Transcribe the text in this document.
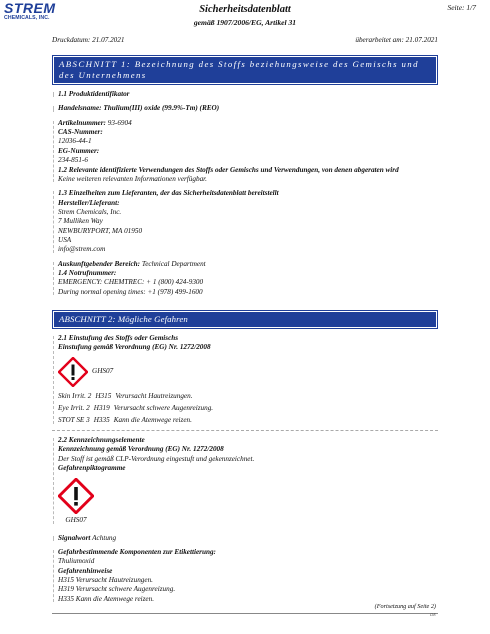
STREM
CHEMICALS, INC.
Sicherheitsdatenblatt
gemäß 1907/2006/EG, Artikel 31
Seite: 1/7
Druckdatum: 21.07.2021	überarbeitet am: 21.07.2021
ABSCHNITT 1: Bezeichnung des Stoffs beziehungsweise des Gemischs und des Unternehmens
1.1 Produktidentifikator
Handelsname: Thulium(III) oxide (99.9%-Tm) (REO)
Artikelnummer: 93-6904
CAS-Nummer:
12036-44-1
EG-Nummer:
234-851-6
1.2 Relevante identifizierte Verwendungen des Stoffs oder Gemischs und Verwendungen, von denen abgeraten wird
Keine weiteren relevanten Informationen verfügbar.
1.3 Einzelheiten zum Lieferanten, der das Sicherheitsdatenblatt bereitstellt
Hersteller/Lieferant:
Strem Chemicals, Inc.
7 Mulliken Way
NEWBURYPORT, MA 01950
USA
info@strem.com
Auskunftgebender Bereich: Technical Department
1.4 Notrufnummer:
EMERGENCY: CHEMTREC: + 1 (800) 424-9300
During normal opening times: +1 (978) 499-1600
ABSCHNITT 2: Mögliche Gefahren
2.1 Einstufung des Stoffs oder Gemischs
Einstufung gemäß Verordnung (EG) Nr. 1272/2008
GHS07
Skin Irrit. 2 H315 Verursacht Hautreizungen.
Eye Irrit. 2 H319 Verursacht schwere Augenreizung.
STOT SE 3 H335 Kann die Atemwege reizen.
2.2 Kennzeichnungselemente
Kennzeichnung gemäß Verordnung (EG) Nr. 1272/2008
Der Stoff ist gemäß CLP-Verordnung eingestuft und gekennzeichnet.
Gefahrenpiktogramme
GHS07
Signalwort Achtung
Gefahrbestimmende Komponenten zur Etikettierung:
Thuliumoxid
Gefahrenhinweise
H315 Verursacht Hautreizungen.
H319 Verursacht schwere Augenreizung.
H335 Kann die Atemwege reizen.
(Fortsetzung auf Seite 2)
DE
